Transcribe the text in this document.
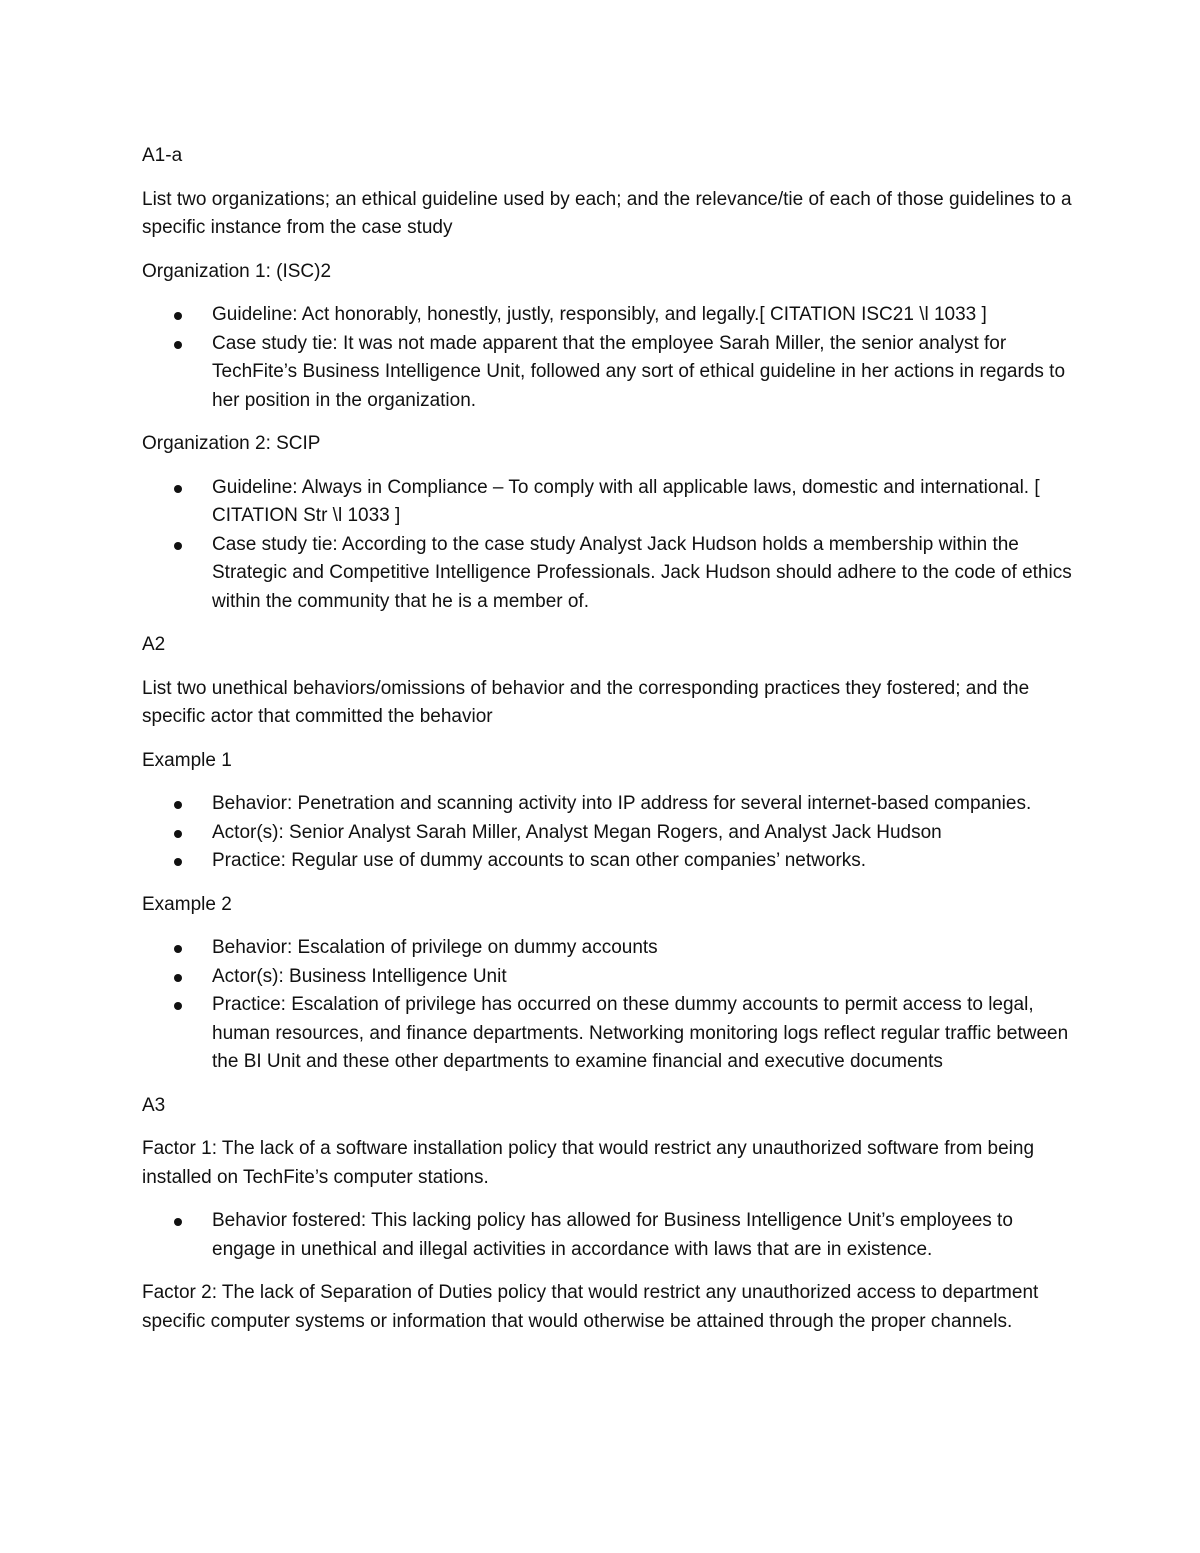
A1-a

List two organizations; an ethical guideline used by each; and the relevance/tie of each of those guidelines to a specific instance from the case study

Organization 1: (ISC)2

Guideline: Act honorably, honestly, justly, responsibly, and legally.[ CITATION ISC21 \l 1033 ]
Case study tie: It was not made apparent that the employee Sarah Miller, the senior analyst for TechFite’s Business Intelligence Unit, followed any sort of ethical guideline in her actions in regards to her position in the organization.

Organization 2: SCIP

Guideline: Always in Compliance – To comply with all applicable laws, domestic and international. [ CITATION Str \l 1033 ]
Case study tie: According to the case study Analyst Jack Hudson holds a membership within the Strategic and Competitive Intelligence Professionals. Jack Hudson should adhere to the code of ethics within the community that he is a member of.

A2

List two unethical behaviors/omissions of behavior and the corresponding practices they fostered; and the specific actor that committed the behavior

Example 1

Behavior: Penetration and scanning activity into IP address for several internet-based companies.
Actor(s): Senior Analyst Sarah Miller, Analyst Megan Rogers, and Analyst Jack Hudson
Practice: Regular use of dummy accounts to scan other companies’ networks.

Example 2

Behavior: Escalation of privilege on dummy accounts
Actor(s): Business Intelligence Unit
Practice: Escalation of privilege has occurred on these dummy accounts to permit access to legal, human resources, and finance departments. Networking monitoring logs reflect regular traffic between the BI Unit and these other departments to examine financial and executive documents

A3

Factor 1: The lack of a software installation policy that would restrict any unauthorized software from being installed on TechFite’s computer stations.

Behavior fostered: This lacking policy has allowed for Business Intelligence Unit’s employees to engage in unethical and illegal activities in accordance with laws that are in existence.

Factor 2: The lack of Separation of Duties policy that would restrict any unauthorized access to department specific computer systems or information that would otherwise be attained through the proper channels.
